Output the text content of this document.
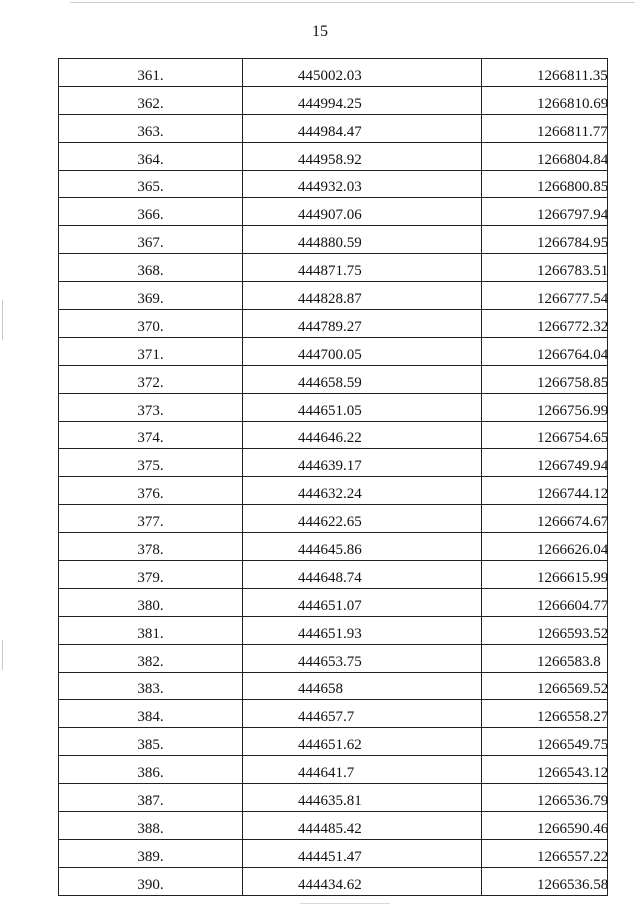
15
361.	445002.03	1266811.35
362.	444994.25	1266810.69
363.	444984.47	1266811.77
364.	444958.92	1266804.84
365.	444932.03	1266800.85
366.	444907.06	1266797.94
367.	444880.59	1266784.95
368.	444871.75	1266783.51
369.	444828.87	1266777.54
370.	444789.27	1266772.32
371.	444700.05	1266764.04
372.	444658.59	1266758.85
373.	444651.05	1266756.99
374.	444646.22	1266754.65
375.	444639.17	1266749.94
376.	444632.24	1266744.12
377.	444622.65	1266674.67
378.	444645.86	1266626.04
379.	444648.74	1266615.99
380.	444651.07	1266604.77
381.	444651.93	1266593.52
382.	444653.75	1266583.8
383.	444658	1266569.52
384.	444657.7	1266558.27
385.	444651.62	1266549.75
386.	444641.7	1266543.12
387.	444635.81	1266536.79
388.	444485.42	1266590.46
389.	444451.47	1266557.22
390.	444434.62	1266536.58
